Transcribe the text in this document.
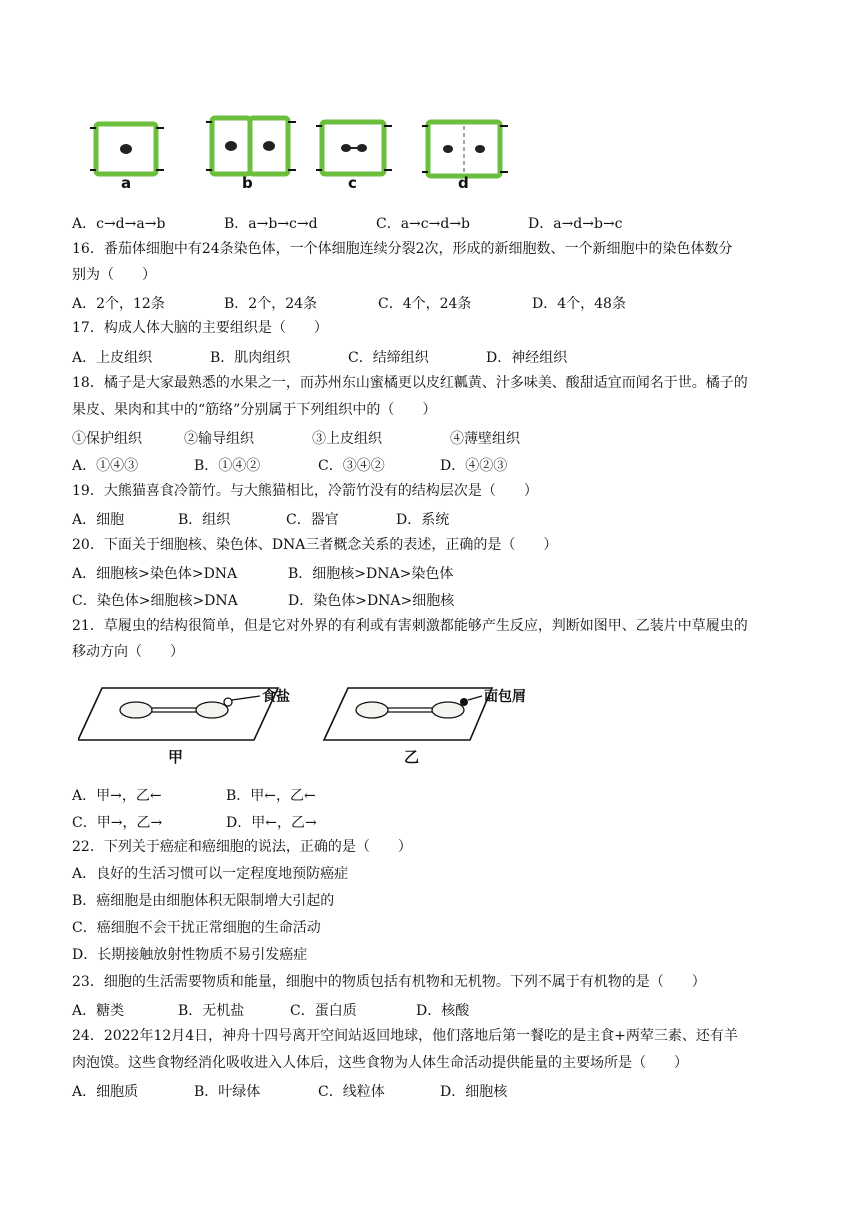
a	b	c	d
A．c→d→a→b	B．a→b→c→d	C．a→c→d→b	D．a→d→b→c
16．番茄体细胞中有24条染色体，一个体细胞连续分裂2次，形成的新细胞数、一个新细胞中的染色体数分
别为（　　）
A．2个，12条	B．2个，24条	C．4个，24条	D．4个，48条
17．构成人体大脑的主要组织是（　　）
A．上皮组织	B．肌肉组织	C．结缔组织	D．神经组织
18．橘子是大家最熟悉的水果之一，而苏州东山蜜橘更以皮红瓤黄、汁多味美、酸甜适宜而闻名于世。橘子的
果皮、果肉和其中的“筋络”分别属于下列组织中的（　　）
①保护组织	②输导组织	③上皮组织	④薄壁组织
A．①④③	B．①④②	C．③④②	D．④②③
19．大熊猫喜食冷箭竹。与大熊猫相比，冷箭竹没有的结构层次是（　　）
A．细胞	B．组织	C．器官	D．系统
20．下面关于细胞核、染色体、DNA三者概念关系的表述，正确的是（　　）
A．细胞核>染色体>DNA	B．细胞核>DNA>染色体
C．染色体>细胞核>DNA	D．染色体>DNA>细胞核
21．草履虫的结构很简单，但是它对外界的有利或有害刺激都能够产生反应，判断如图甲、乙装片中草履虫的
移动方向（　　）
食盐	面包屑
甲	乙
A．甲→，乙←	B．甲←，乙←
C．甲→，乙→	D．甲←，乙→
22．下列关于癌症和癌细胞的说法，正确的是（　　）
A．良好的生活习惯可以一定程度地预防癌症
B．癌细胞是由细胞体积无限制增大引起的
C．癌细胞不会干扰正常细胞的生命活动
D．长期接触放射性物质不易引发癌症
23．细胞的生活需要物质和能量，细胞中的物质包括有机物和无机物。下列不属于有机物的是（　　）
A．糖类	B．无机盐	C．蛋白质	D．核酸
24．2022年12月4日，神舟十四号离开空间站返回地球，他们落地后第一餐吃的是主食+两荤三素、还有羊
肉泡馍。这些食物经消化吸收进入人体后，这些食物为人体生命活动提供能量的主要场所是（　　）
A．细胞质	B．叶绿体	C．线粒体	D．细胞核
